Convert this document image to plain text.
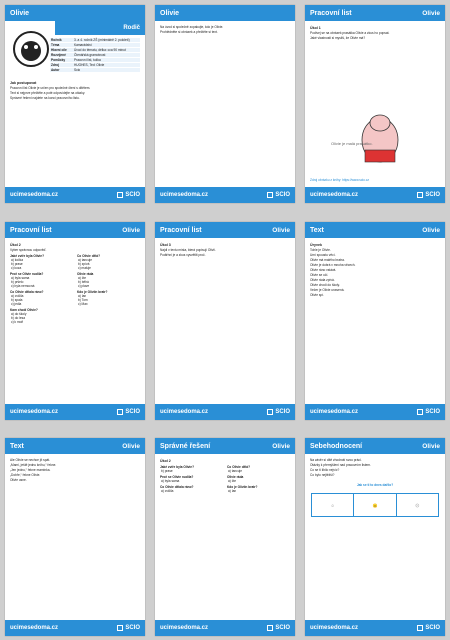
Olivie
Rodič
Ročník	3. a 4. ročník ZŠ (minimálně 2. pololetí)
Téma	Kamarádství
Hlavní cíle	Úvod do tématu, délka: cca 90 minut
Rozvíjené	Čtenářská gramotnost
Pomůcky	Pracovní list, tužka
Zdroj	HUGHES, Ted: Olivie
Autor	Scio
Jak postupovat
Pracovní list Olivie je určen pro společné čtení s dítětem.
Text si nejprve přečtěte a poté odpovídejte na otázky.
Správné řešení najdete na konci pracovního listu.
ucimesedoma.cz	SCIO
Olivie
Na úvod si společně zopakujte, kdo je Olivie.
Prohlédněte si obrázek a přečtěte si text.
ucimesedoma.cz	SCIO
Pracovní list	Olivie
Úkol 1
Podívej se na obrázek prasátka Olivie a zkus ho popsat.
Jaké vlastnosti si myslíš, že Olivie má?
Olivie je malá prasátko.
Zdroj obrázku z knihy: https://www.scio.cz
ucimesedoma.cz	SCIO
Pracovní list	Olivie
Úkol 2
Vyber správnou odpověď.
Jaké zvíře byla Olivie?
a) kočka
b) prase
c) koza
Proč se Olivie nudila?
a) byla sama
b) pršelo
c) byla nemocná
Co Olivie dělala ráno?
a) cvičila
b) spala
c) jedla
Kam chodí Olivie?
a) do školy
b) do lesa
c) k moři
Co Olivie dělá?
a) tancuje
b) zpívá
c) maluje
Olivie ráda
a) čte
b) běhá
c) plave
Kdo je Oliviin bratr?
a) Ian
b) Tom
c) Max
ucimesedoma.cz	SCIO
Pracovní list	Olivie
Úkol 3
Najdi v textu místa, která popisují Olivii.
Podtrhni je a zkus vysvětlit proč.
ucimesedoma.cz	SCIO
Text	Olivie
Úryvek
Tohle je Olivie.
Umí spoustu věcí.
Olivie má malého bratra.
Olivie je dobrá v mnoha věcech.
Olivie ráno vstává.
Olivie se učí.
Olivie ráda zpívá.
Olivie chodí do školy.
Večer je Olivie unavená.
Olivie spí.
ucimesedoma.cz	SCIO
Text	Olivie
Ale Olivie se nechce jít spát.
„Mami, ještě jednu knihu,“ řekne.
„Jen jednu,“ řekne maminka.
„Dobře,“ řekne Olivie.
Olivie usne.
ucimesedoma.cz	SCIO
Správné řešení	Olivie
Úkol 2
Jaké zvíře byla Olivie?
b) prase
Proč se Olivie nudila?
a) byla sama
Co Olivie dělala ráno?
a) cvičila
Co Olivie dělá?
a) tancuje
Olivie ráda
a) čte
Kdo je Oliviin bratr?
a) Ian
ucimesedoma.cz	SCIO
Sebehodnocení	Olivie
Na závěr si dítě zhodnotí svou práci.
Otázky k přemýšlení nad pracovním listem.
Co se ti líbilo nejvíc?
Co bylo nejtěžší?
Jak se ti to dnes dařilo?
☺	😐	☹
ucimesedoma.cz	SCIO
